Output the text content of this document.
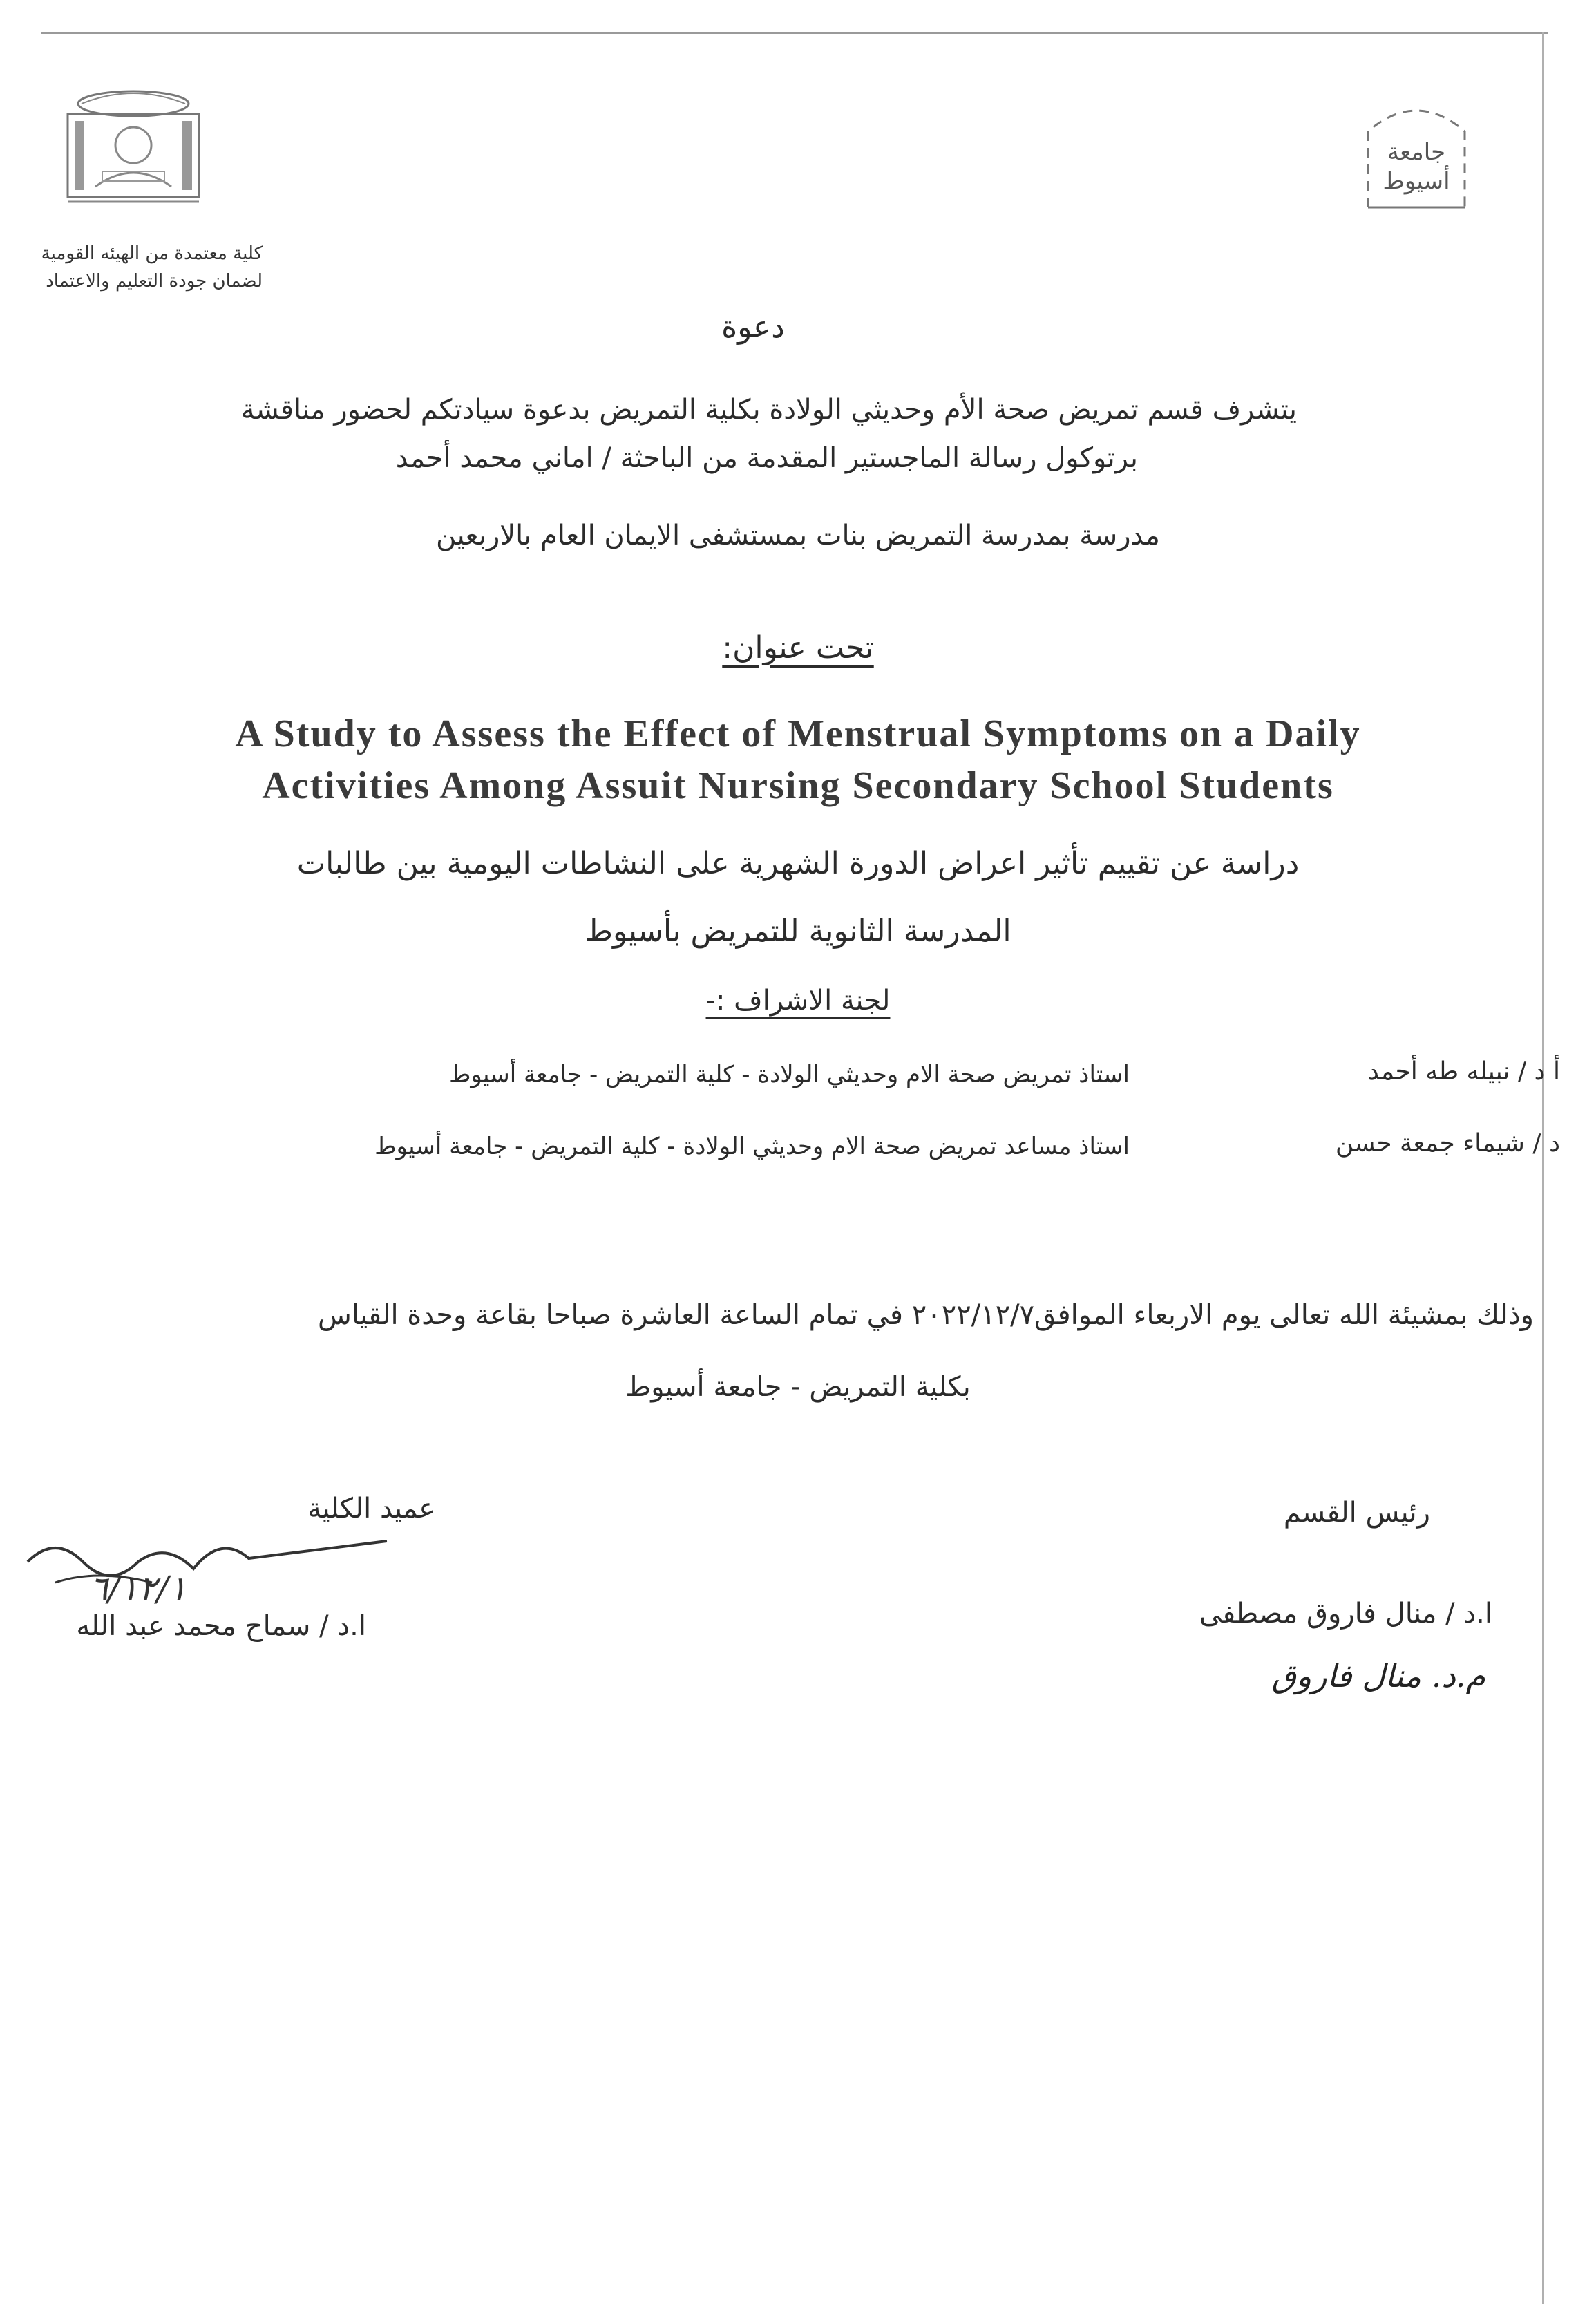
جامعة
أسيوط
كلية معتمدة من الهيئه القومية
لضمان جودة التعليم والاعتماد
دعوة
يتشرف قسم تمريض صحة الأم وحديثي الولادة بكلية التمريض بدعوة سيادتكم لحضور مناقشة
برتوكول رسالة الماجستير المقدمة من الباحثة / اماني محمد أحمد
مدرسة بمدرسة التمريض بنات بمستشفى الايمان العام بالاربعين
تحت عنوان:
A Study to Assess the Effect of Menstrual Symptoms on a Daily
Activities Among Assuit Nursing Secondary School Students
دراسة عن تقييم تأثير اعراض الدورة الشهرية على النشاطات اليومية بين طالبات
المدرسة الثانوية للتمريض بأسيوط
لجنة الاشراف :-
أ د / نبيله طه أحمد
استاذ تمريض صحة الام وحديثي الولادة - كلية التمريض - جامعة أسيوط
د / شيماء جمعة حسن
استاذ مساعد تمريض صحة الام وحديثي الولادة - كلية التمريض - جامعة أسيوط
وذلك بمشيئة الله تعالى يوم الاربعاء الموافق٢٠٢٢/١٢/٧ في تمام الساعة العاشرة صباحا بقاعة وحدة القياس
بكلية التمريض - جامعة أسيوط
عميد الكلية
٦/١٢/١
ا.د / سماح محمد عبد الله
رئيس القسم
ا.د / منال فاروق مصطفى
م.د. منال فاروق
